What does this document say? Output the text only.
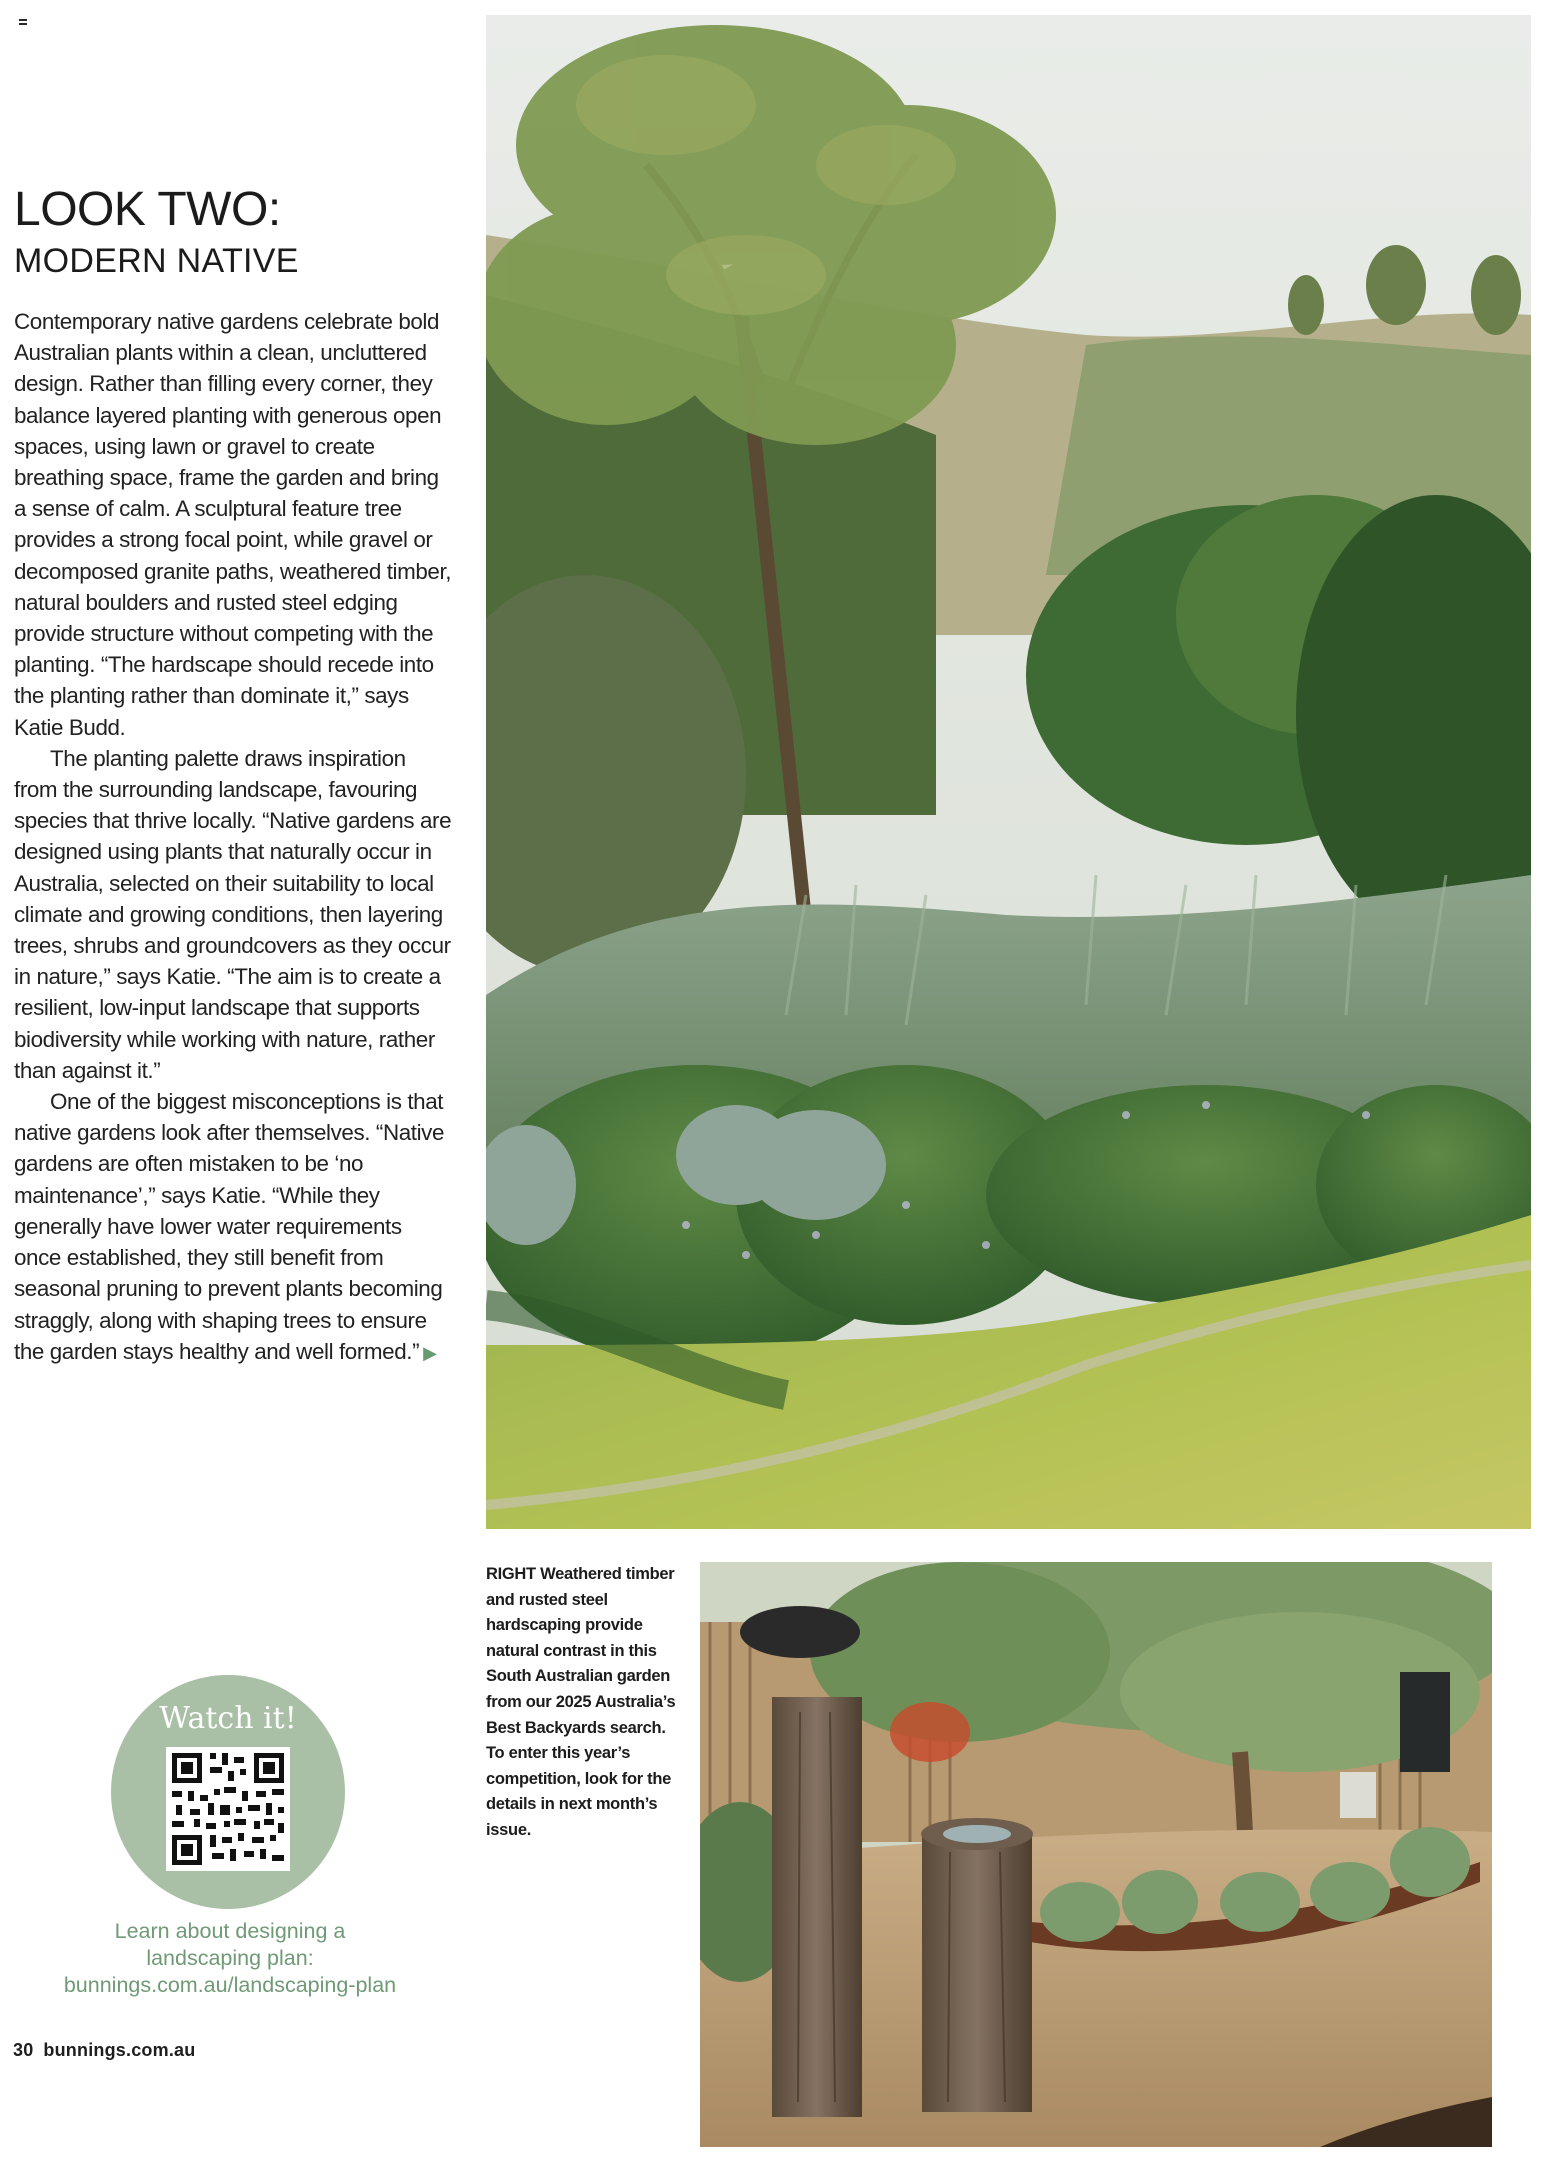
LOOK TWO:
MODERN NATIVE

Contemporary native gardens celebrate bold Australian plants within a clean, uncluttered design. Rather than filling every corner, they balance layered planting with generous open spaces, using lawn or gravel to create breathing space, frame the garden and bring a sense of calm. A sculptural feature tree provides a strong focal point, while gravel or decomposed granite paths, weathered timber, natural boulders and rusted steel edging provide structure without competing with the planting. “The hardscape should recede into the planting rather than dominate it,” says Katie Budd.

The planting palette draws inspiration from the surrounding landscape, favouring species that thrive locally. “Native gardens are designed using plants that naturally occur in Australia, selected on their suitability to local climate and growing conditions, then layering trees, shrubs and groundcovers as they occur in nature,” says Katie. “The aim is to create a resilient, low-input landscape that supports biodiversity while working with nature, rather than against it.”

One of the biggest misconceptions is that native gardens look after themselves. “Native gardens are often mistaken to be ‘no maintenance’,” says Katie. “While they generally have lower water requirements once established, they still benefit from seasonal pruning to prevent plants becoming straggly, along with shaping trees to ensure the garden stays healthy and well formed.” ▶

Watch it!
Learn about designing a landscaping plan:
bunnings.com.au/landscaping-plan
30 bunnings.com.au
RIGHT Weathered timber and rusted steel hardscaping provide natural contrast in this South Australian garden from our 2025 Australia’s Best Backyards search. To enter this year’s competition, look for the details in next month’s issue.
